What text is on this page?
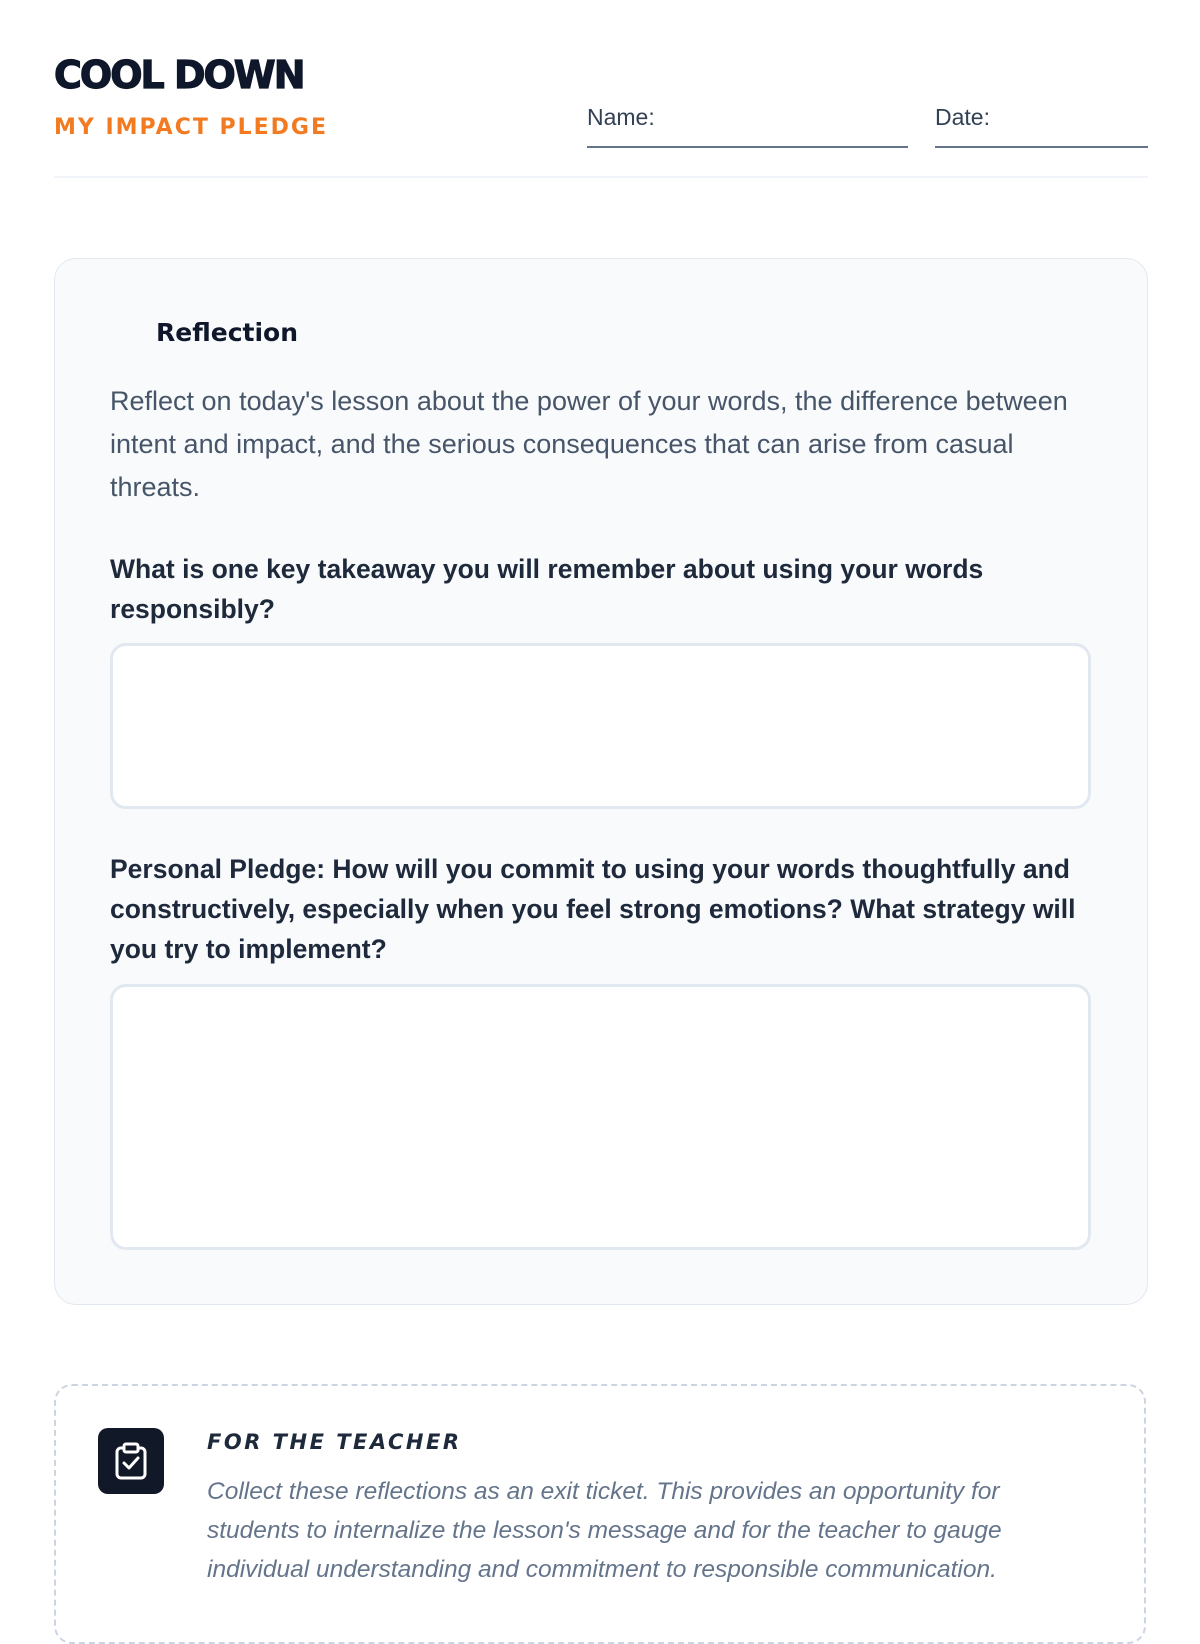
COOL DOWN
MY IMPACT PLEDGE	Name:	Date:
Reflection

Reflect on today's lesson about the power of your words, the difference between intent and impact, and the serious consequences that can arise from casual threats.

What is one key takeaway you will remember about using your words responsibly?

Personal Pledge: How will you commit to using your words thoughtfully and constructively, especially when you feel strong emotions? What strategy will you try to implement?

FOR THE TEACHER

Collect these reflections as an exit ticket. This provides an opportunity for students to internalize the lesson's message and for the teacher to gauge individual understanding and commitment to responsible communication.
